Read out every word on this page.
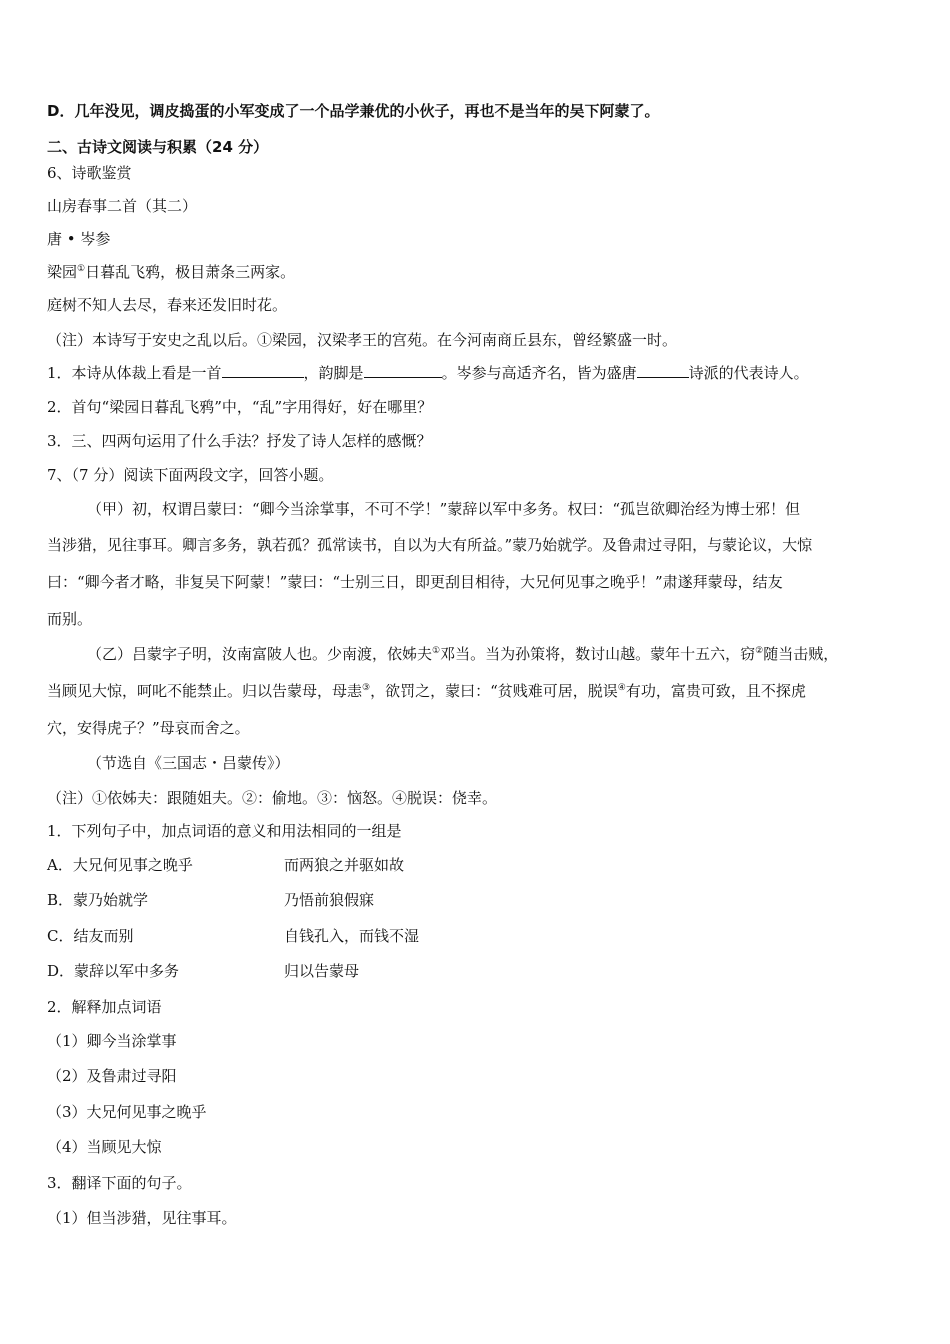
D．几年没见，调皮捣蛋的小军变成了一个品学兼优的小伙子，再也不是当年的吴下阿蒙了。
二、古诗文阅读与积累（24 分）
6、诗歌鉴赏
山房春事二首（其二）
唐 • 岑参
梁园①日暮乱飞鸦，极目萧条三两家。
庭树不知人去尽，春来还发旧时花。
（注）本诗写于安史之乱以后。①梁园，汉梁孝王的宫苑。在今河南商丘县东，曾经繁盛一时。
1．本诗从体裁上看是一首	，韵脚是	。岑参与高适齐名，皆为盛唐	诗派的代表诗人。
2．首句“梁园日暮乱飞鸦”中，“乱”字用得好，好在哪里？
3．三、四两句运用了什么手法？抒发了诗人怎样的感慨？
7、（7 分）阅读下面两段文字，回答小题。
（甲）初，权谓吕蒙曰：“卿今当涂掌事，不可不学！”蒙辞以军中多务。权曰：“孤岂欲卿治经为博士邪！但
当涉猎，见往事耳。卿言多务，孰若孤？孤常读书，自以为大有所益。”蒙乃始就学。及鲁肃过寻阳，与蒙论议，大惊
曰：“卿今者才略，非复吴下阿蒙！”蒙曰：“士别三日，即更刮目相待，大兄何见事之晚乎！”肃遂拜蒙母，结友
而别。
（乙）吕蒙字子明，汝南富陂人也。少南渡，依姊夫①邓当。当为孙策将，数讨山越。蒙年十五六，窃②随当击贼，
当顾见大惊，呵叱不能禁止。归以告蒙母，母恚③，欲罚之，蒙曰：“贫贱难可居，脱误④有功，富贵可致，且不探虎
穴，安得虎子？”母哀而舍之。
（节选自《三国志・吕蒙传》）
（注）①依姊夫：跟随姐夫。②：偷地。③：恼怒。④脱误：侥幸。
1．下列句子中，加点词语的意义和用法相同的一组是
A．大兄何见事之晚乎	而两狼之并驱如故
B．蒙乃始就学	乃悟前狼假寐
C．结友而别	自钱孔入，而钱不湿
D．蒙辞以军中多务	归以告蒙母
2．解释加点词语
（1）卿今当涂掌事
（2）及鲁肃过寻阳
（3）大兄何见事之晚乎
（4）当顾见大惊
3．翻译下面的句子。
（1）但当涉猎，见往事耳。
